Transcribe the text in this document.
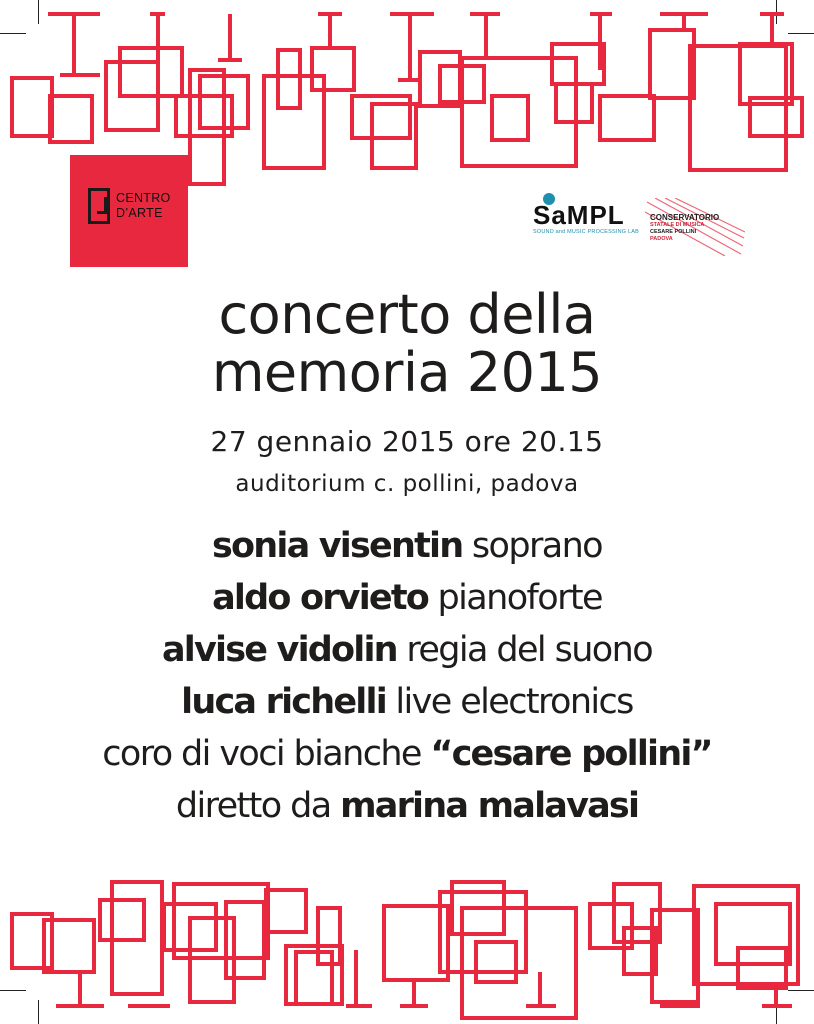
CENTRO
D’ARTE	SaMPL
SOUND and MUSIC PROCESSING LAB
CONSERVATORIO
STATALE DI MUSICA
CESARE POLLINI
PADOVA
concerto della
memoria 2015
27 gennaio 2015 ore 20.15
auditorium c. pollini, padova
sonia visentin soprano
aldo orvieto pianoforte
alvise vidolin regia del suono
luca richelli live electronics
coro di voci bianche “cesare pollini”
diretto da marina malavasi
